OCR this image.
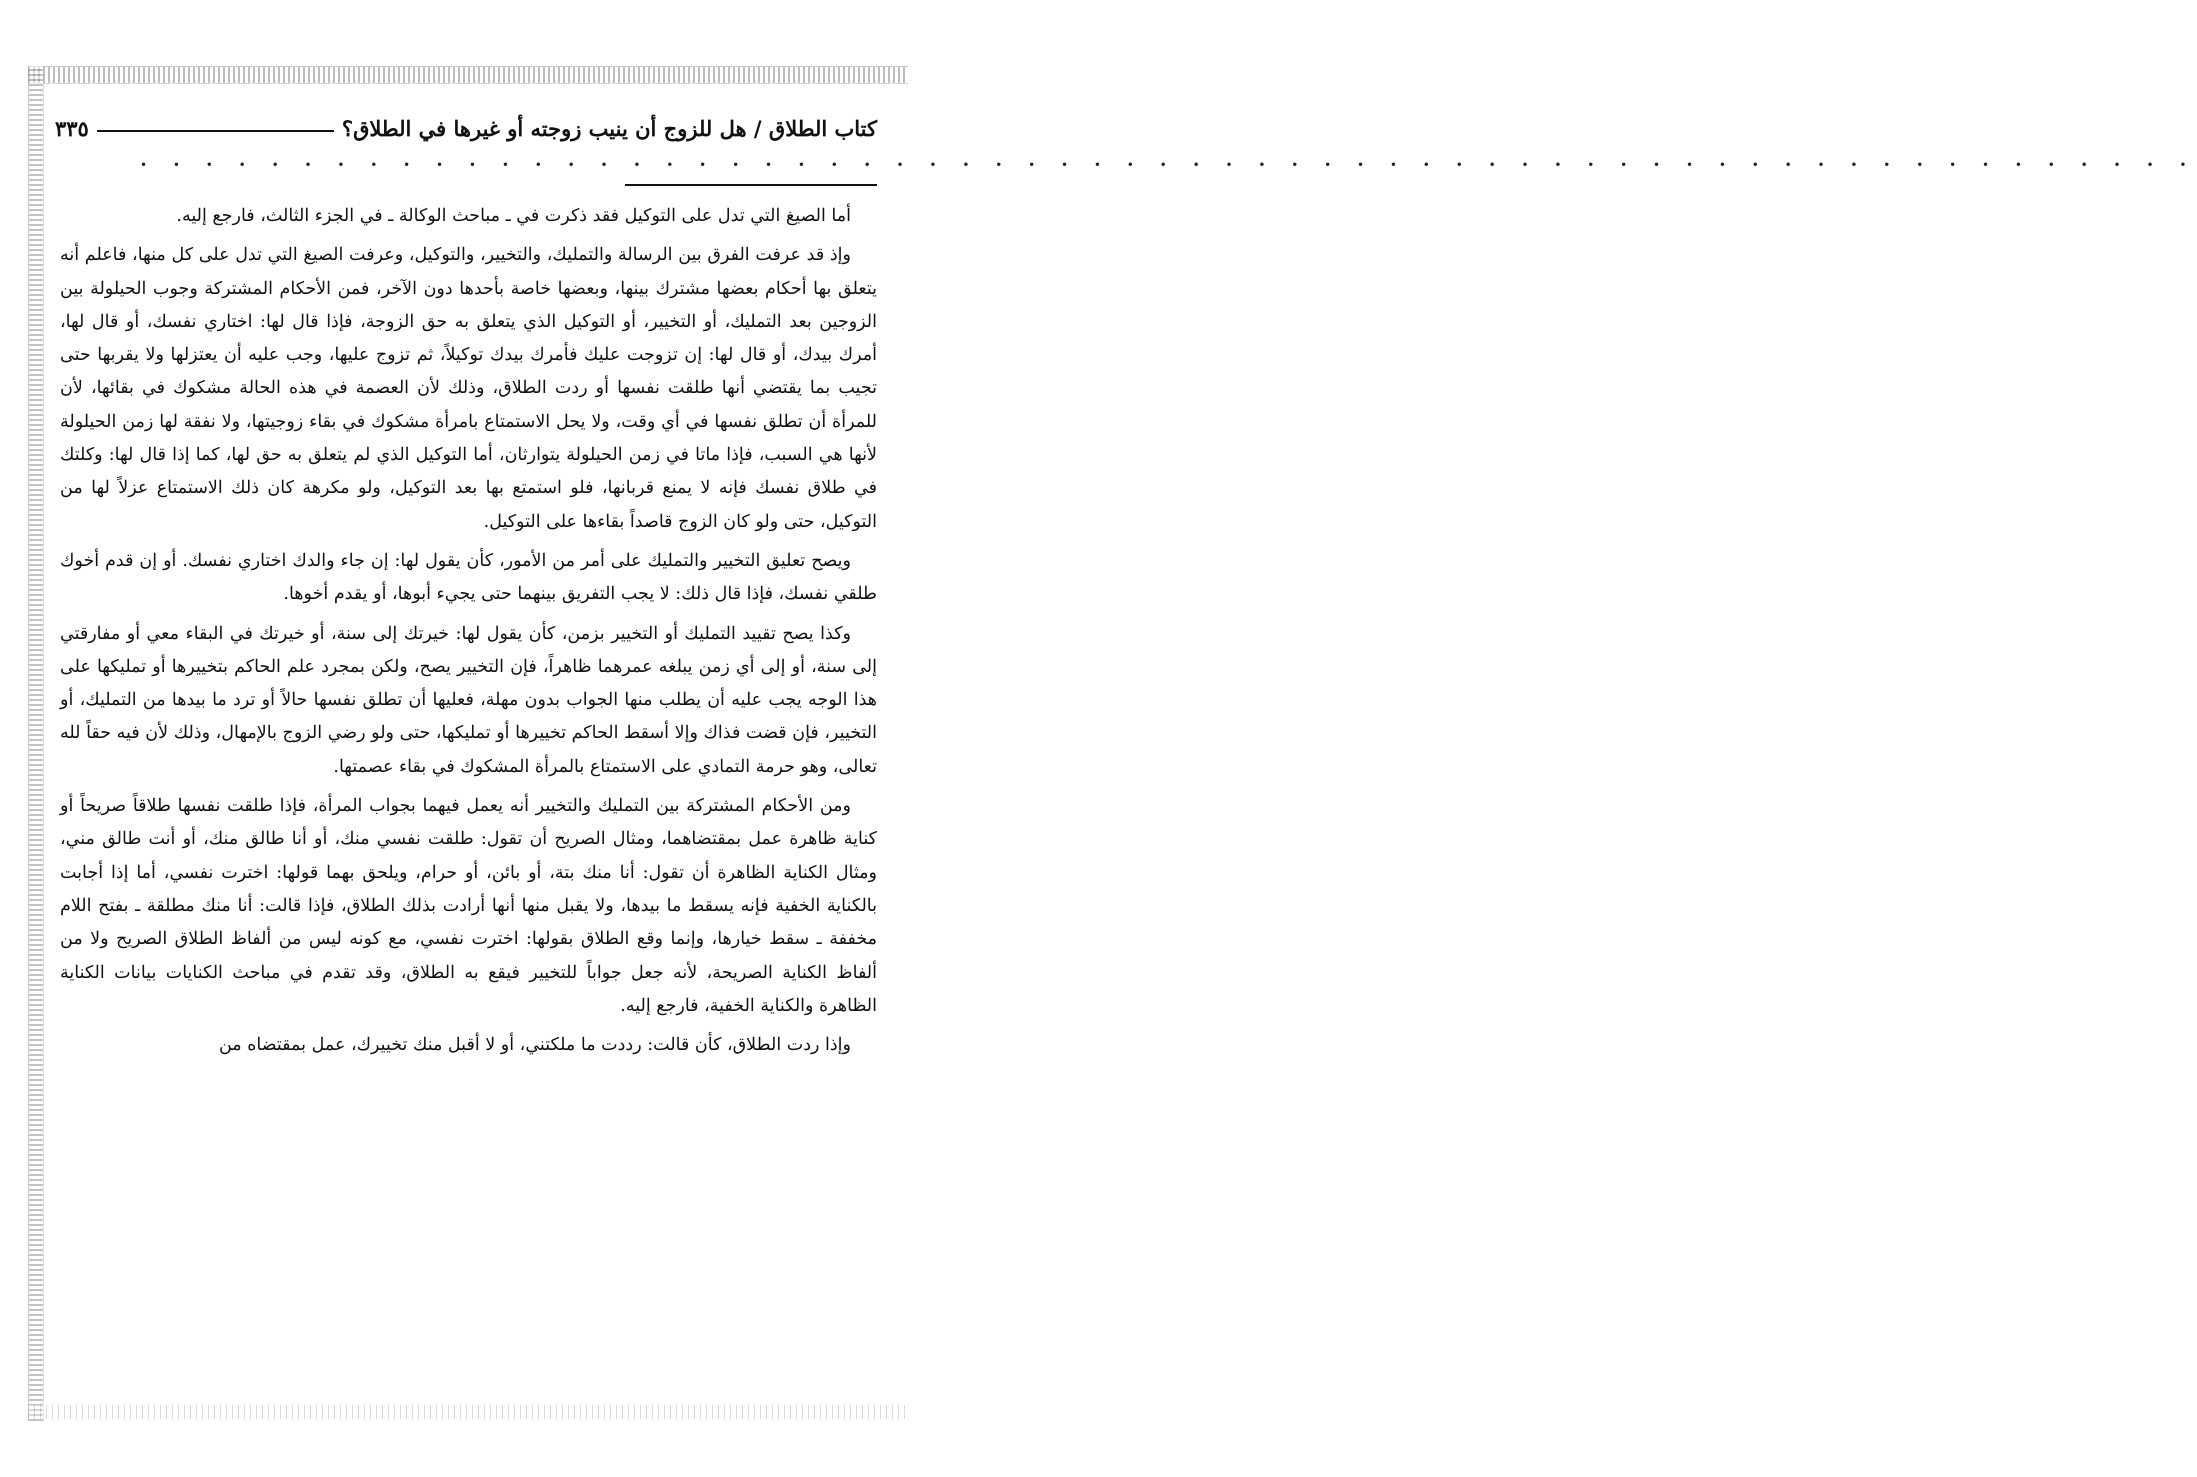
كتاب الطلاق / هل للزوج أن ينيب زوجته أو غيرها في الطلاق؟
٣٣٥
• • • • • • • • • • • • • • • • • • • • • • • • • • • • • • • • • • • • • • • • • • • • • • • • • • • • • • • • • • • • • • •

أما الصيغ التي تدل على التوكيل فقد ذكرت في ـ مباحث الوكالة ـ في الجزء الثالث، فارجع إليه.

وإذ قد عرفت الفرق بين الرسالة والتمليك، والتخيير، والتوكيل، وعرفت الصيغ التي تدل على كل منها، فاعلم أنه يتعلق بها أحكام بعضها مشترك بينها، وبعضها خاصة بأحدها دون الآخر، فمن الأحكام المشتركة وجوب الحيلولة بين الزوجين بعد التمليك، أو التخيير، أو التوكيل الذي يتعلق به حق الزوجة، فإذا قال لها: اختاري نفسك، أو قال لها، أمرك بيدك، أو قال لها: إن تزوجت عليك فأمرك بيدك توكيلاً، ثم تزوج عليها، وجب عليه أن يعتزلها ولا يقربها حتى تجيب بما يقتضي أنها طلقت نفسها أو ردت الطلاق، وذلك لأن العصمة في هذه الحالة مشكوك في بقائها، لأن للمرأة أن تطلق نفسها في أي وقت، ولا يحل الاستمتاع بامرأة مشكوك في بقاء زوجيتها، ولا نفقة لها زمن الحيلولة لأنها هي السبب، فإذا ماتا في زمن الحيلولة يتوارثان، أما التوكيل الذي لم يتعلق به حق لها، كما إذا قال لها: وكلتك في طلاق نفسك فإنه لا يمنع قربانها، فلو استمتع بها بعد التوكيل، ولو مكرهة كان ذلك الاستمتاع عزلاً لها من التوكيل، حتى ولو كان الزوج قاصداً بقاءها على التوكيل.

ويصح تعليق التخيير والتمليك على أمر من الأمور، كأن يقول لها: إن جاء والدك اختاري نفسك. أو إن قدم أخوك طلقي نفسك، فإذا قال ذلك: لا يجب التفريق بينهما حتى يجيء أبوها، أو يقدم أخوها.

وكذا يصح تقييد التمليك أو التخيير بزمن، كأن يقول لها: خيرتك إلى سنة، أو خيرتك في البقاء معي أو مفارقتي إلى سنة، أو إلى أي زمن يبلغه عمرهما ظاهراً، فإن التخيير يصح، ولكن بمجرد علم الحاكم بتخييرها أو تمليكها على هذا الوجه يجب عليه أن يطلب منها الجواب بدون مهلة، فعليها أن تطلق نفسها حالاً أو ترد ما بيدها من التمليك، أو التخيير، فإن قضت فذاك وإلا أسقط الحاكم تخييرها أو تمليكها، حتى ولو رضي الزوج بالإمهال، وذلك لأن فيه حقاً لله تعالى، وهو حرمة التمادي على الاستمتاع بالمرأة المشكوك في بقاء عصمتها.

ومن الأحكام المشتركة بين التمليك والتخيير أنه يعمل فيهما بجواب المرأة، فإذا طلقت نفسها طلاقاً صريحاً أو كناية ظاهرة عمل بمقتضاهما، ومثال الصريح أن تقول: طلقت نفسي منك، أو أنا طالق منك، أو أنت طالق مني، ومثال الكناية الظاهرة أن تقول: أنا منك بتة، أو بائن، أو حرام، ويلحق بهما قولها: اخترت نفسي، أما إذا أجابت بالكناية الخفية فإنه يسقط ما بيدها، ولا يقبل منها أنها أرادت بذلك الطلاق، فإذا قالت: أنا منك مطلقة ـ بفتح اللام مخففة ـ سقط خيارها، وإنما وقع الطلاق بقولها: اخترت نفسي، مع كونه ليس من ألفاظ الطلاق الصريح ولا من ألفاظ الكناية الصريحة، لأنه جعل جواباً للتخيير فيقع به الطلاق، وقد تقدم في مباحث الكنايات بيانات الكناية الظاهرة والكناية الخفية، فارجع إليه.

وإذا ردت الطلاق، كأن قالت: رددت ما ملكتني، أو لا أقبل منك تخييرك، عمل بمقتضاه من
